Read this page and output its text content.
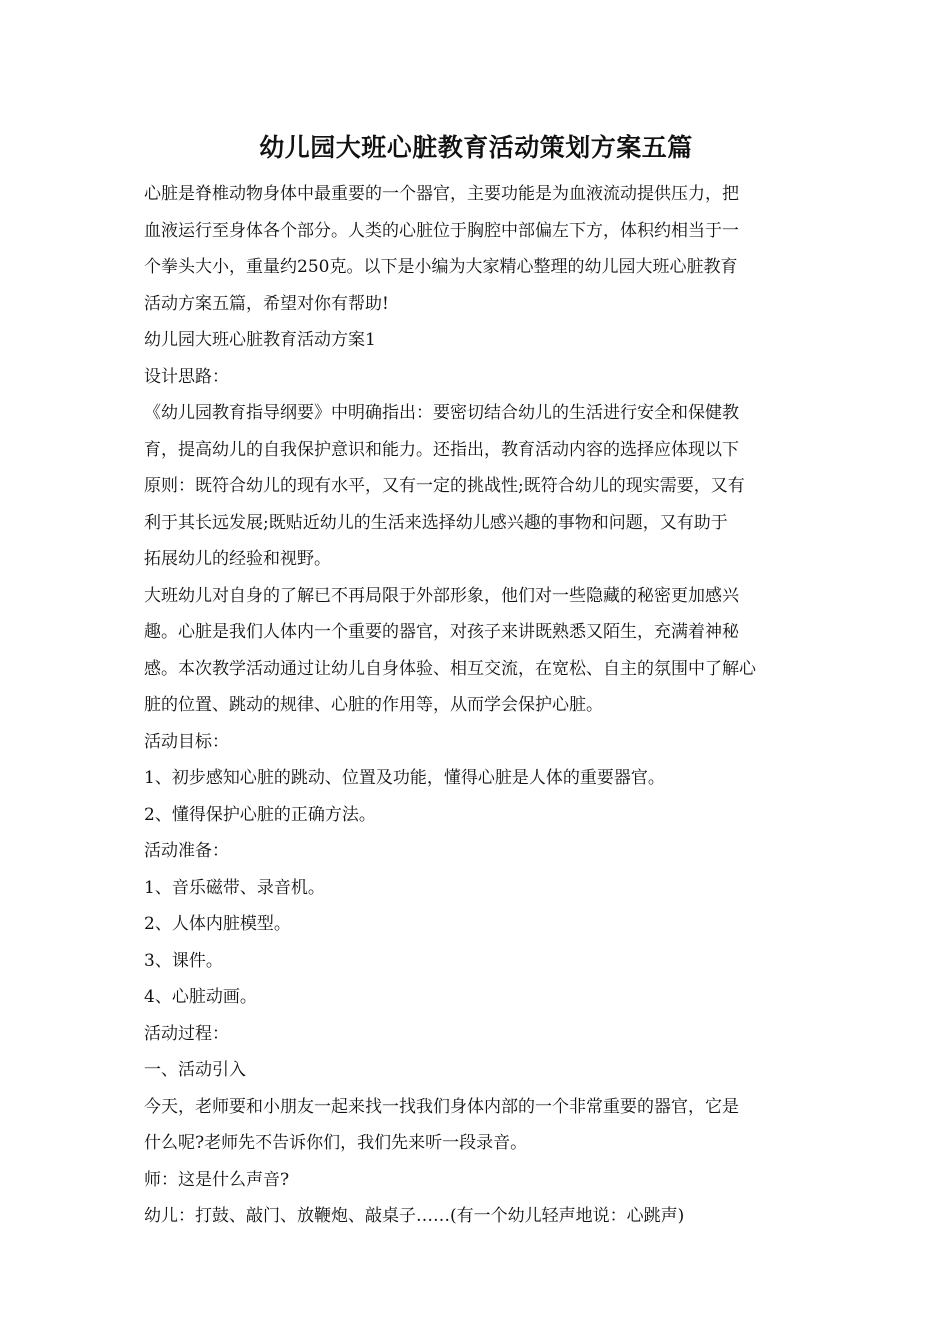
幼儿园大班心脏教育活动策划方案五篇

心脏是脊椎动物身体中最重要的一个器官，主要功能是为血液流动提供压力，把
血液运行至身体各个部分。人类的心脏位于胸腔中部偏左下方，体积约相当于一
个拳头大小，重量约250克。以下是小编为大家精心整理的幼儿园大班心脏教育
活动方案五篇，希望对你有帮助!

幼儿园大班心脏教育活动方案1

设计思路：

《幼儿园教育指导纲要》中明确指出：要密切结合幼儿的生活进行安全和保健教
育，提高幼儿的自我保护意识和能力。还指出，教育活动内容的选择应体现以下
原则：既符合幼儿的现有水平，又有一定的挑战性;既符合幼儿的现实需要，又有
利于其长远发展;既贴近幼儿的生活来选择幼儿感兴趣的事物和问题，又有助于
拓展幼儿的经验和视野。

大班幼儿对自身的了解已不再局限于外部形象，他们对一些隐藏的秘密更加感兴
趣。心脏是我们人体内一个重要的器官，对孩子来讲既熟悉又陌生，充满着神秘
感。本次教学活动通过让幼儿自身体验、相互交流，在宽松、自主的氛围中了解心
脏的位置、跳动的规律、心脏的作用等，从而学会保护心脏。

活动目标：

1、初步感知心脏的跳动、位置及功能，懂得心脏是人体的重要器官。

2、懂得保护心脏的正确方法。

活动准备：

1、音乐磁带、录音机。

2、人体内脏模型。

3、课件。

4、心脏动画。

活动过程：

一、活动引入

今天，老师要和小朋友一起来找一找我们身体内部的一个非常重要的器官，它是
什么呢?老师先不告诉你们，我们先来听一段录音。

师：这是什么声音?

幼儿：打鼓、敲门、放鞭炮、敲桌子……(有一个幼儿轻声地说：心跳声)
